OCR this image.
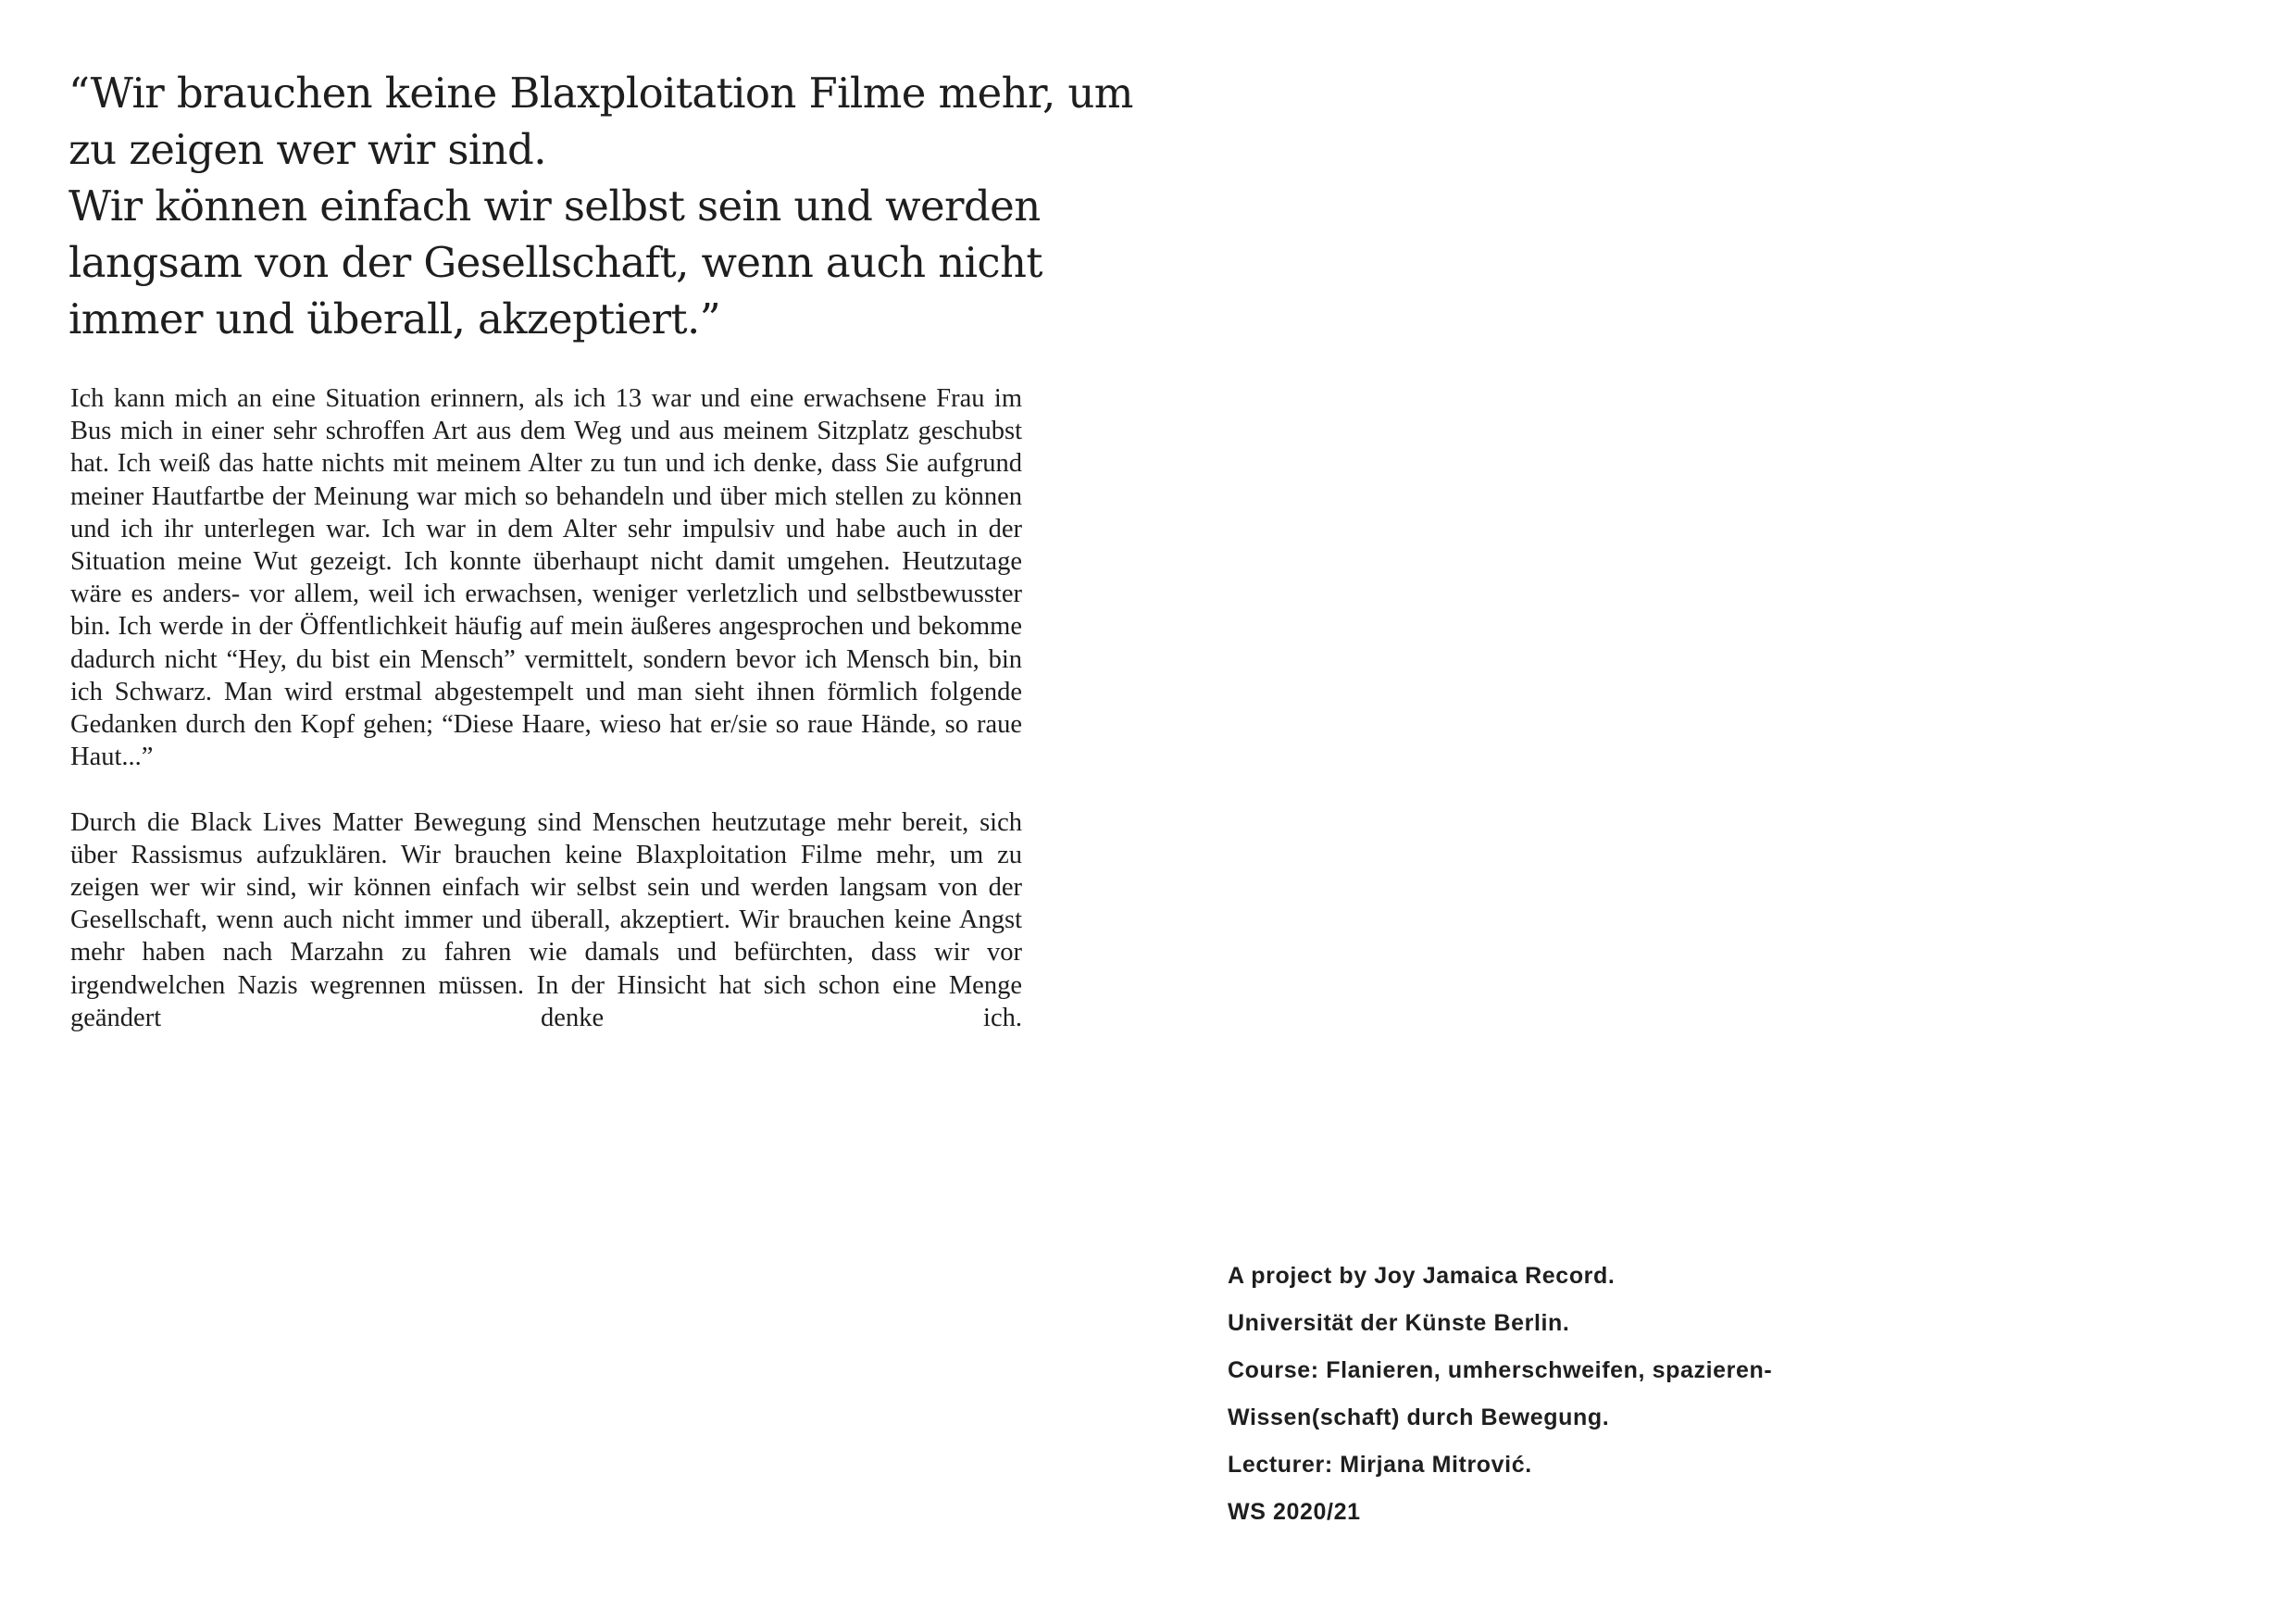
“Wir brauchen keine Blaxploitation Filme mehr, um
zu zeigen wer wir sind.
Wir können einfach wir selbst sein und werden
langsam von der Gesellschaft, wenn auch nicht
immer und überall, akzeptiert.”

Ich kann mich an eine Situation erinnern, als ich 13 war und eine erwachsene Frau im Bus mich in einer sehr schroffen Art aus dem Weg und aus meinem Sitzplatz geschubst hat. Ich weiß das hatte nichts mit meinem Alter zu tun und ich denke, dass Sie aufgrund meiner Hautfartbe der Meinung war mich so behandeln und über mich stellen zu können und ich ihr unterlegen war. Ich war in dem Alter sehr impulsiv und habe auch in der Situation meine Wut gezeigt. Ich konnte überhaupt nicht damit umgehen. Heutzutage wäre es anders- vor allem, weil ich erwachsen, weniger verletzlich und selbstbewusster bin. Ich werde in der Öffentlichkeit häufig auf mein äußeres angesprochen und bekomme dadurch nicht “Hey, du bist ein Mensch” vermittelt, sondern bevor ich Mensch bin, bin ich Schwarz. Man wird erstmal abgestempelt und man sieht ihnen förmlich folgende Gedanken durch den Kopf gehen; “Diese Haare, wieso hat er/sie so raue Hände, so raue Haut...”

Durch die Black Lives Matter Bewegung sind Menschen heutzutage mehr bereit, sich über Rassismus aufzuklären. Wir brauchen keine Blaxploitation Filme mehr, um zu zeigen wer wir sind, wir können einfach wir selbst sein und werden langsam von der Gesellschaft, wenn auch nicht immer und überall, akzeptiert. Wir brauchen keine Angst mehr haben nach Marzahn zu fahren wie damals und befürchten, dass wir vor irgendwelchen Nazis wegrennen müssen. In der Hinsicht hat sich schon eine Menge geändert denke ich.

A project by Joy Jamaica Record.
Universität der Künste Berlin.
Course: Flanieren, umherschweifen, spazieren-
Wissen(schaft) durch Bewegung.
Lecturer: Mirjana Mitrović.
WS 2020/21
